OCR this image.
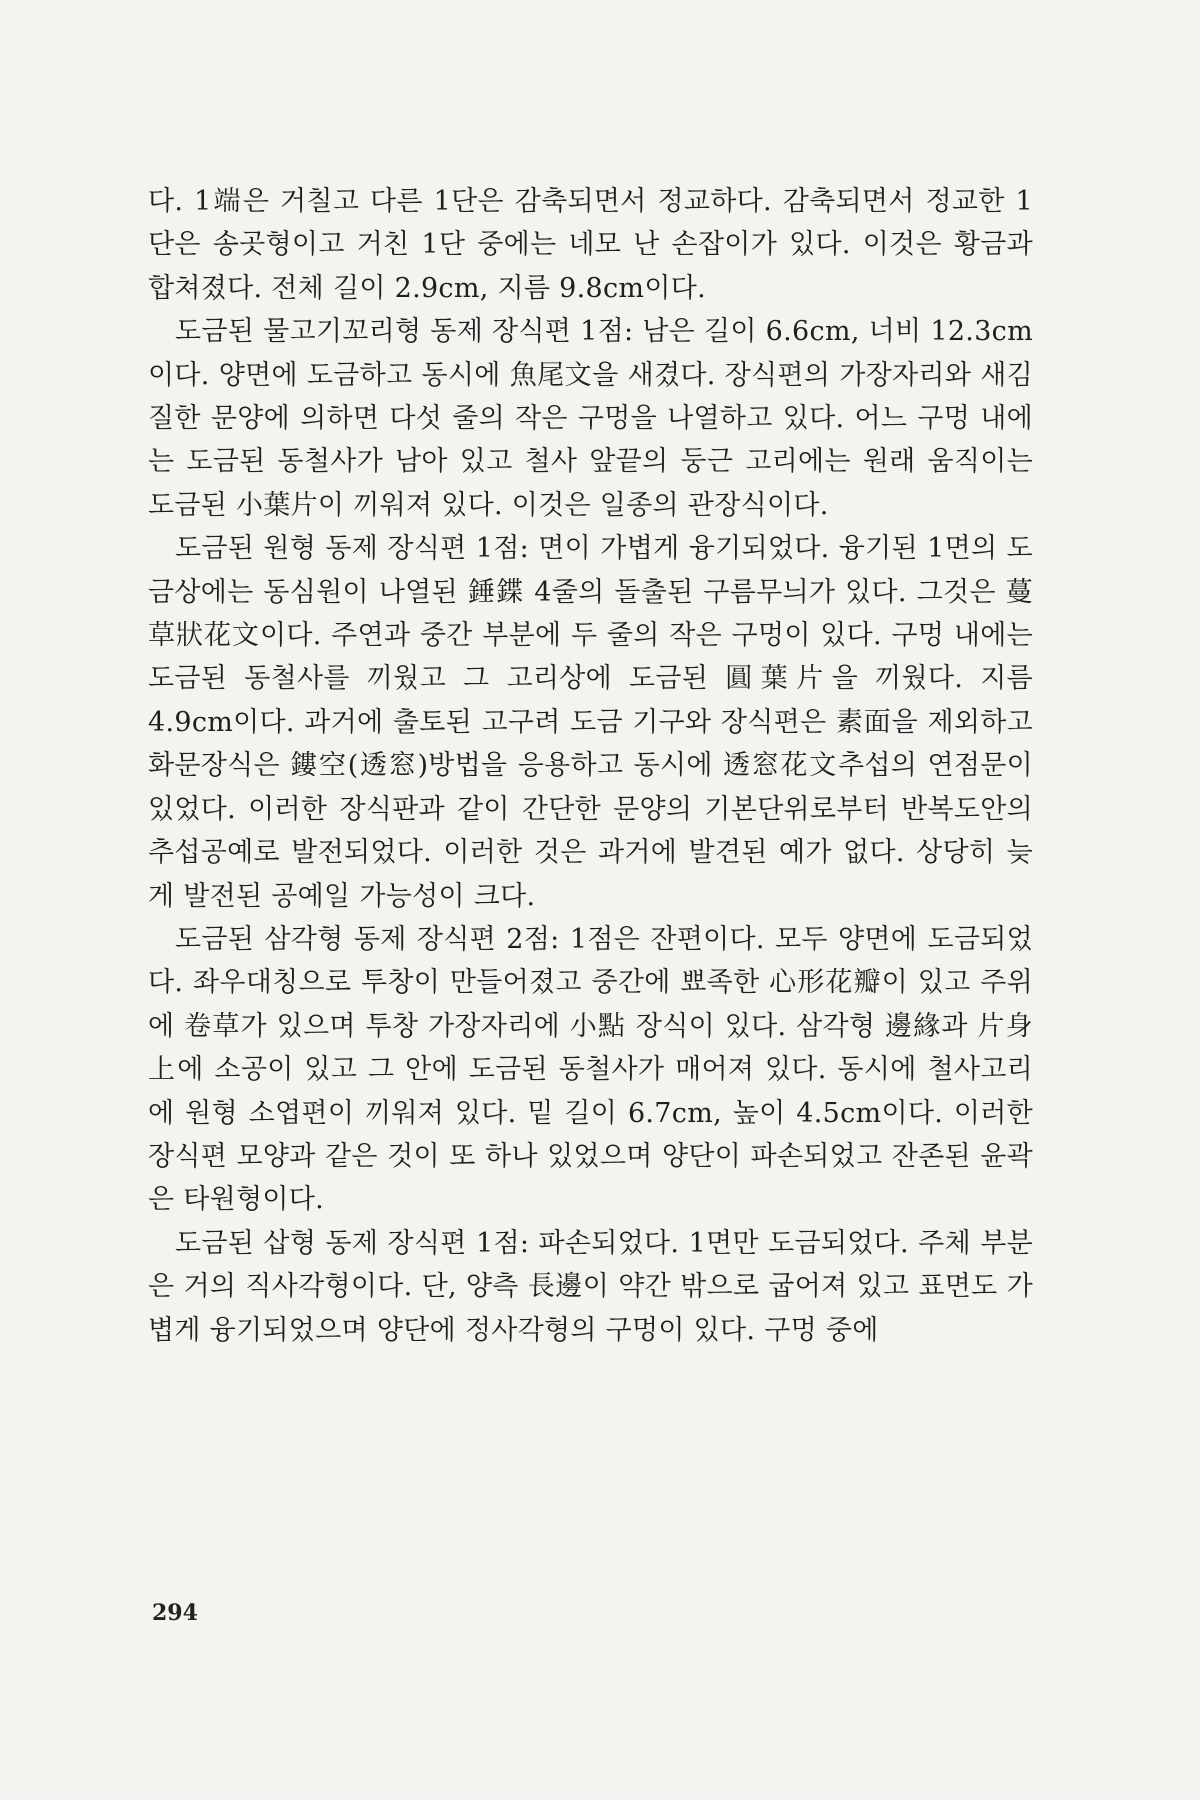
다. 1端은 거칠고 다른 1단은 감축되면서 정교하다. 감축되면서 정교한 1단은 송곳형이고 거친 1단 중에는 네모 난 손잡이가 있다. 이것은 황금과 합쳐졌다. 전체 길이 2.9cm, 지름 9.8cm이다.

도금된 물고기꼬리형 동제 장식편 1점: 남은 길이 6.6cm, 너비 12.3cm이다. 양면에 도금하고 동시에 魚尾文을 새겼다. 장식편의 가장자리와 새김질한 문양에 의하면 다섯 줄의 작은 구멍을 나열하고 있다. 어느 구멍 내에는 도금된 동철사가 남아 있고 철사 앞끝의 둥근 고리에는 원래 움직이는 도금된 小葉片이 끼워져 있다. 이것은 일종의 관장식이다.

도금된 원형 동제 장식편 1점: 면이 가볍게 융기되었다. 융기된 1면의 도금상에는 동심원이 나열된 錘鍱 4줄의 돌출된 구름무늬가 있다. 그것은 蔓草狀花文이다. 주연과 중간 부분에 두 줄의 작은 구멍이 있다. 구멍 내에는 도금된 동철사를 끼웠고 그 고리상에 도금된 圓葉片을 끼웠다. 지름 4.9cm이다. 과거에 출토된 고구려 도금 기구와 장식편은 素面을 제외하고 화문장식은 鏤空(透窓)방법을 응용하고 동시에 透窓花文추섭의 연점문이 있었다. 이러한 장식판과 같이 간단한 문양의 기본단위로부터 반복도안의 추섭공예로 발전되었다. 이러한 것은 과거에 발견된 예가 없다. 상당히 늦게 발전된 공예일 가능성이 크다.

도금된 삼각형 동제 장식편 2점: 1점은 잔편이다. 모두 양면에 도금되었다. 좌우대칭으로 투창이 만들어졌고 중간에 뾰족한 心形花瓣이 있고 주위에 卷草가 있으며 투창 가장자리에 小點 장식이 있다. 삼각형 邊緣과 片身上에 소공이 있고 그 안에 도금된 동철사가 매어져 있다. 동시에 철사고리에 원형 소엽편이 끼워져 있다. 밑 길이 6.7cm, 높이 4.5cm이다. 이러한 장식편 모양과 같은 것이 또 하나 있었으며 양단이 파손되었고 잔존된 윤곽은 타원형이다.

도금된 삽형 동제 장식편 1점: 파손되었다. 1면만 도금되었다. 주체 부분은 거의 직사각형이다. 단, 양측 長邊이 약간 밖으로 굽어져 있고 표면도 가볍게 융기되었으며 양단에 정사각형의 구멍이 있다. 구멍 중에

294
